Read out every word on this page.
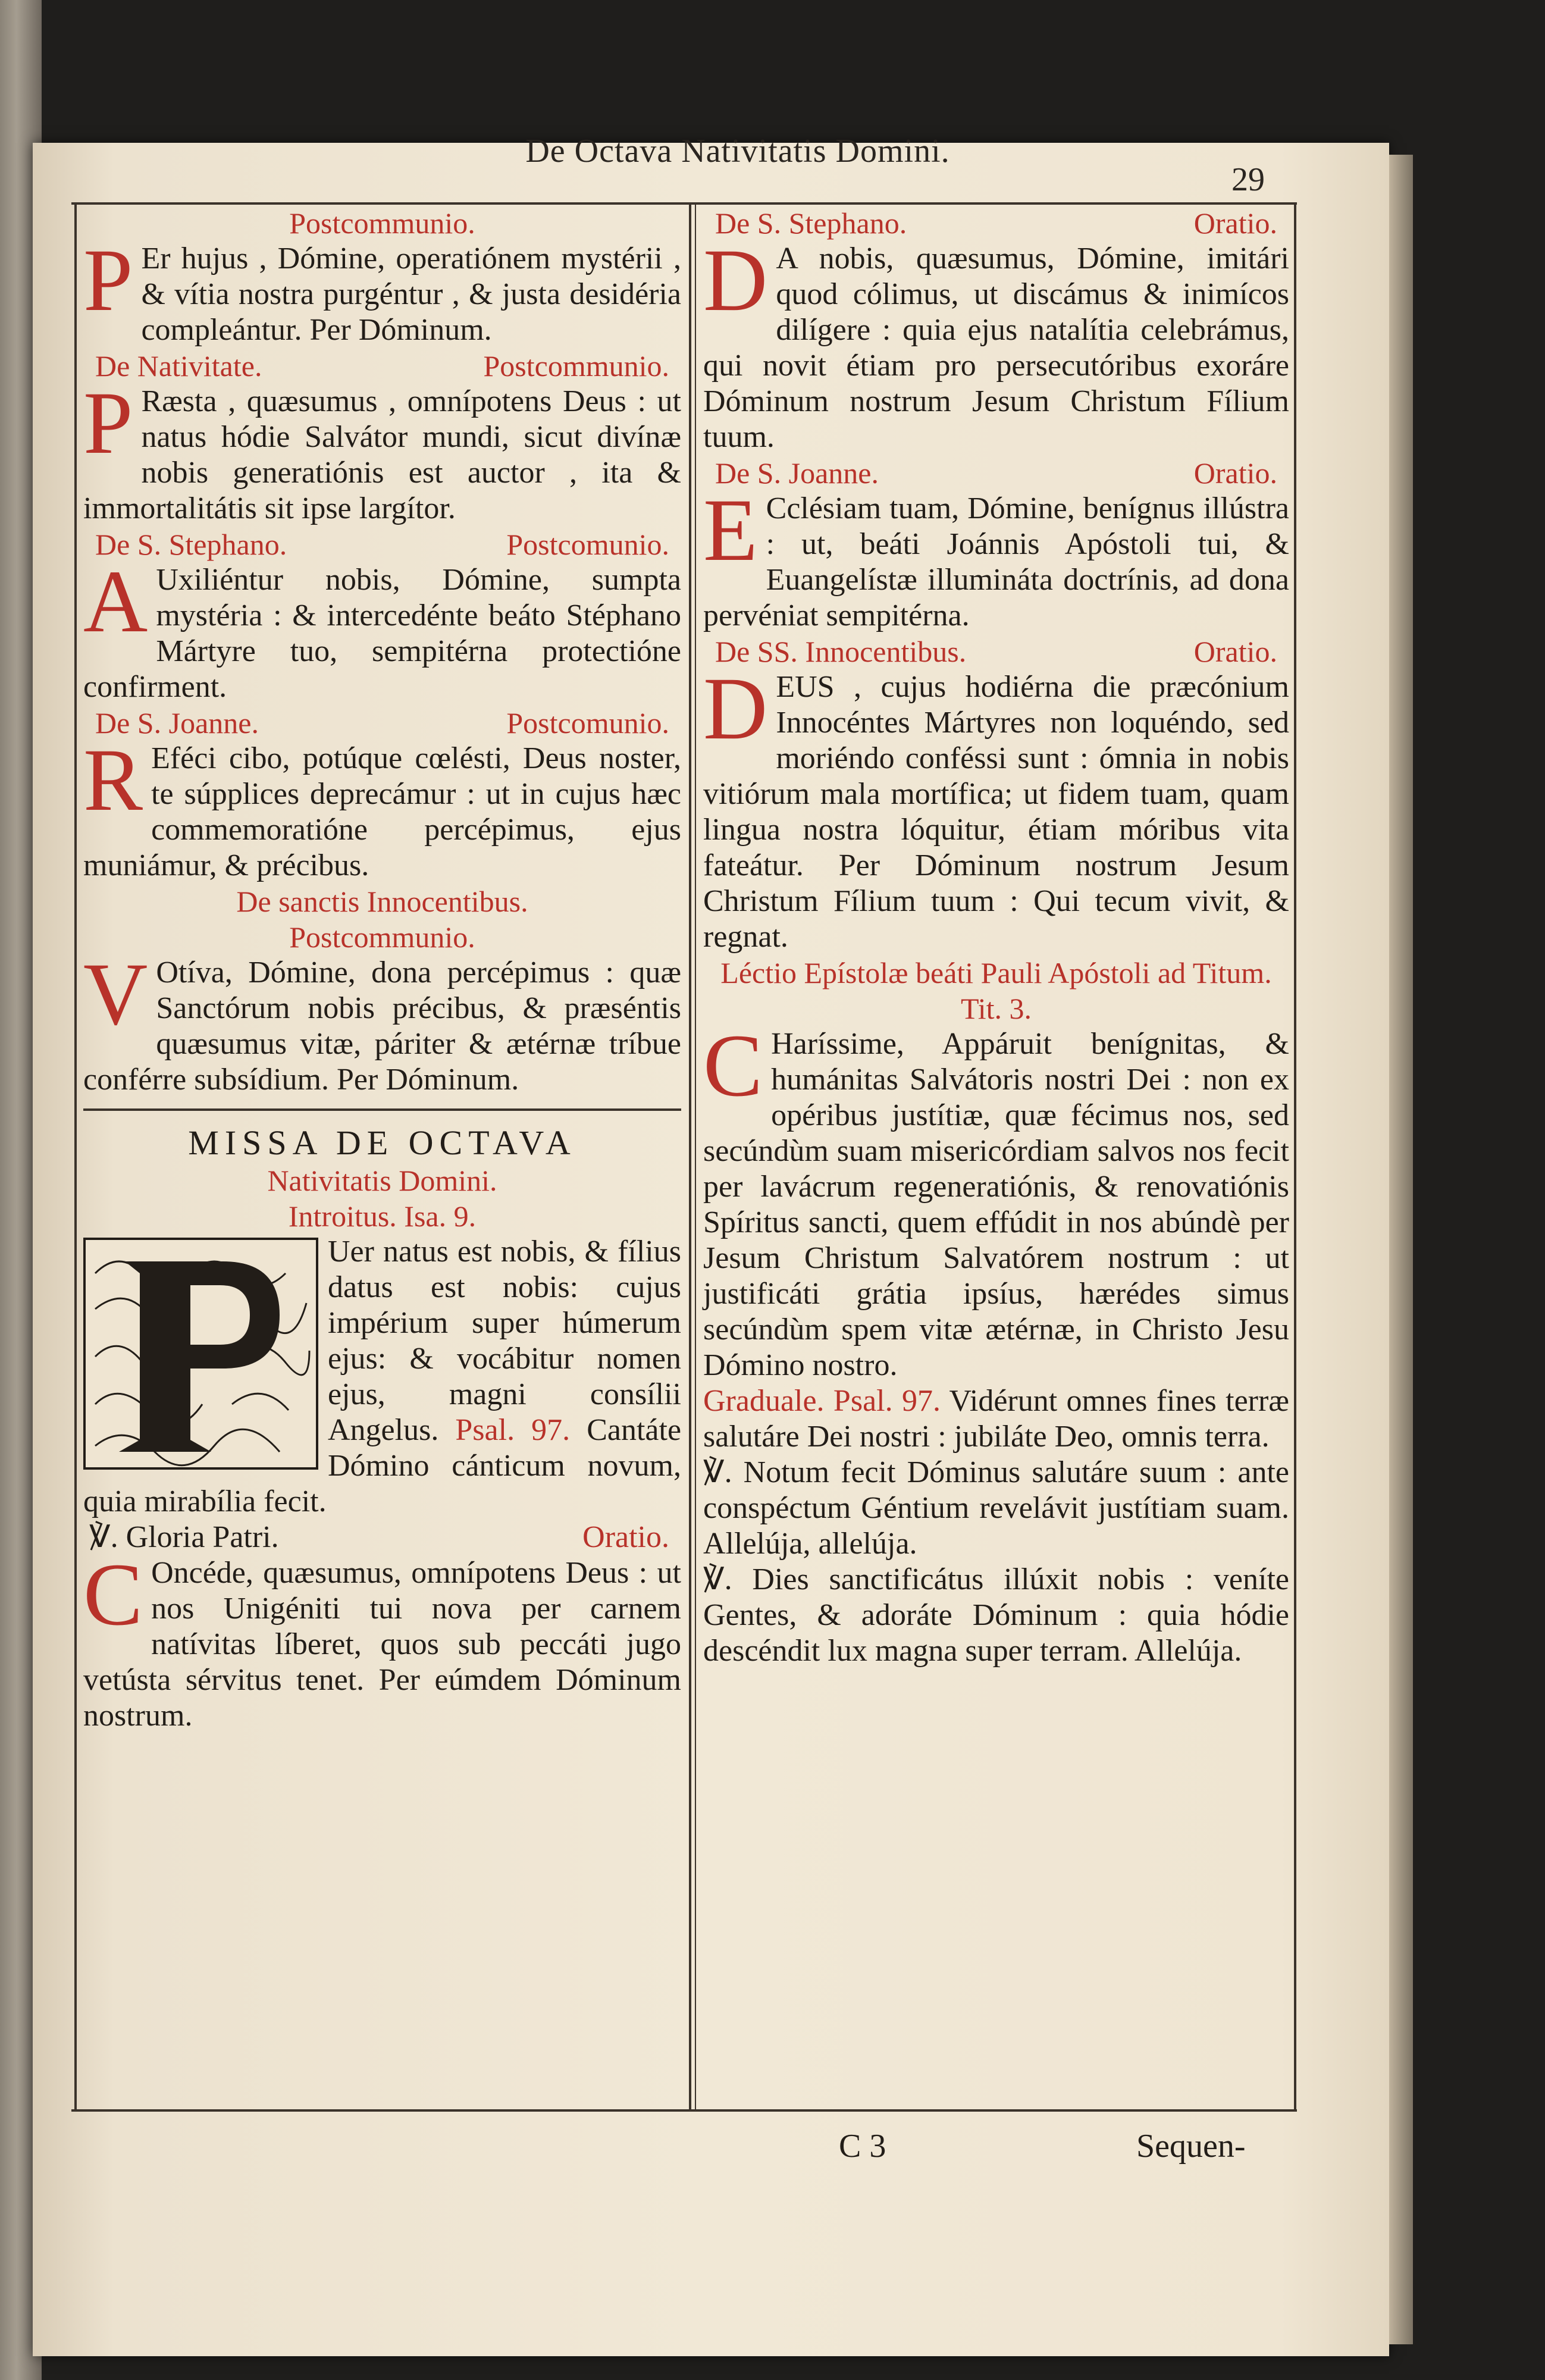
De Octava Nativitatis Domini.
29

Postcommunio.

P Er hujus , Dómine, operatiónem mystérii , & vítia nostra purgéntur , & justa desidéria compleántur. Per Dóminum.

De Nativitate.	Postcommunio.

P Ræsta , quæsumus , omnípotens Deus : ut natus hódie Salvátor mundi, sicut divínæ nobis generatiónis est auctor , ita & immortalitátis sit ipse largítor.

De S. Stephano.	Postcomunio.

A Uxiliéntur nobis, Dómine, sumpta mystéria : & intercedénte beáto Stéphano Mártyre tuo, sempitérna protectióne confirment.

De S. Joanne.	Postcomunio.

R Eféci cibo, potúque cœlésti, Deus noster, te súpplices deprecámur : ut in cujus hæc commemoratióne percépimus, ejus muniámur, & précibus.

De sanctis Innocentibus.

Postcommunio.

V Otíva, Dómine, dona percépimus : quæ Sanctórum nobis précibus, & præséntis quæsumus vitæ, páriter & ætérnæ tríbue conférre subsídium. Per Dóminum.

MISSA DE OCTAVA

Nativitatis Domini.

Introitus. Isa. 9.

Uer natus est nobis, & fílius datus est nobis: cujus impérium super húmerum ejus: & vocábitur nomen ejus, magni consílii Angelus. Psal. 97. Cantáte Dómino cánticum novum, quia mirabília fecit.

℣. Gloria Patri.	Oratio.

C Oncéde, quæsumus, omnípotens Deus : ut nos Unigéniti tui nova per carnem natívitas líberet, quos sub peccáti jugo vetústa sérvitus tenet. Per eúmdem Dóminum nostrum.

De S. Stephano.	Oratio.

D A nobis, quæsumus, Dómine, imitári quod cólimus, ut discámus & inimícos dilígere : quia ejus natalítia celebrámus, qui novit étiam pro persecutóribus exoráre Dóminum nostrum Jesum Christum Fílium tuum.

De S. Joanne.	Oratio.

E Cclésiam tuam, Dómine, benígnus illústra : ut, beáti Joánnis Apóstoli tui, & Euangelístæ illumináta doctrínis, ad dona pervéniat sempitérna.

De SS. Innocentibus.	Oratio.

DEUS , cujus hodiérna die præcónium Innocéntes Mártyres non loquéndo, sed moriéndo conféssi sunt : ómnia in nobis vitiórum mala mortífica; ut fidem tuam, quam lingua nostra lóquitur, étiam móribus vita fateátur. Per Dóminum nostrum Jesum Christum Fílium tuum : Qui tecum vivit, & regnat.

Léctio Epístolæ beáti Pauli Apóstoli ad Titum. Tit. 3.

C Haríssime, Appáruit benígnitas, & humánitas Salvátoris nostri Dei : non ex opéribus justítiæ, quæ fécimus nos, sed secúndùm suam misericórdiam salvos nos fecit per lavácrum regeneratiónis, & renovatiónis Spíritus sancti, quem effúdit in nos abúndè per Jesum Christum Salvatórem nostrum : ut justificáti grátia ipsíus, hærédes simus secúndùm spem vitæ ætérnæ, in Christo Jesu Dómino nostro.

Graduale. Psal. 97. Vidérunt omnes fines terræ salutáre Dei nostri : jubiláte Deo, omnis terra.

℣. Notum fecit Dóminus salutáre suum : ante conspéctum Géntium revelávit justítiam suam. Allelúja, allelúja.

℣. Dies sanctificátus illúxit nobis : veníte Gentes, & adoráte Dóminum : quia hódie descéndit lux magna super terram. Allelúja.

C 3	Sequen-
